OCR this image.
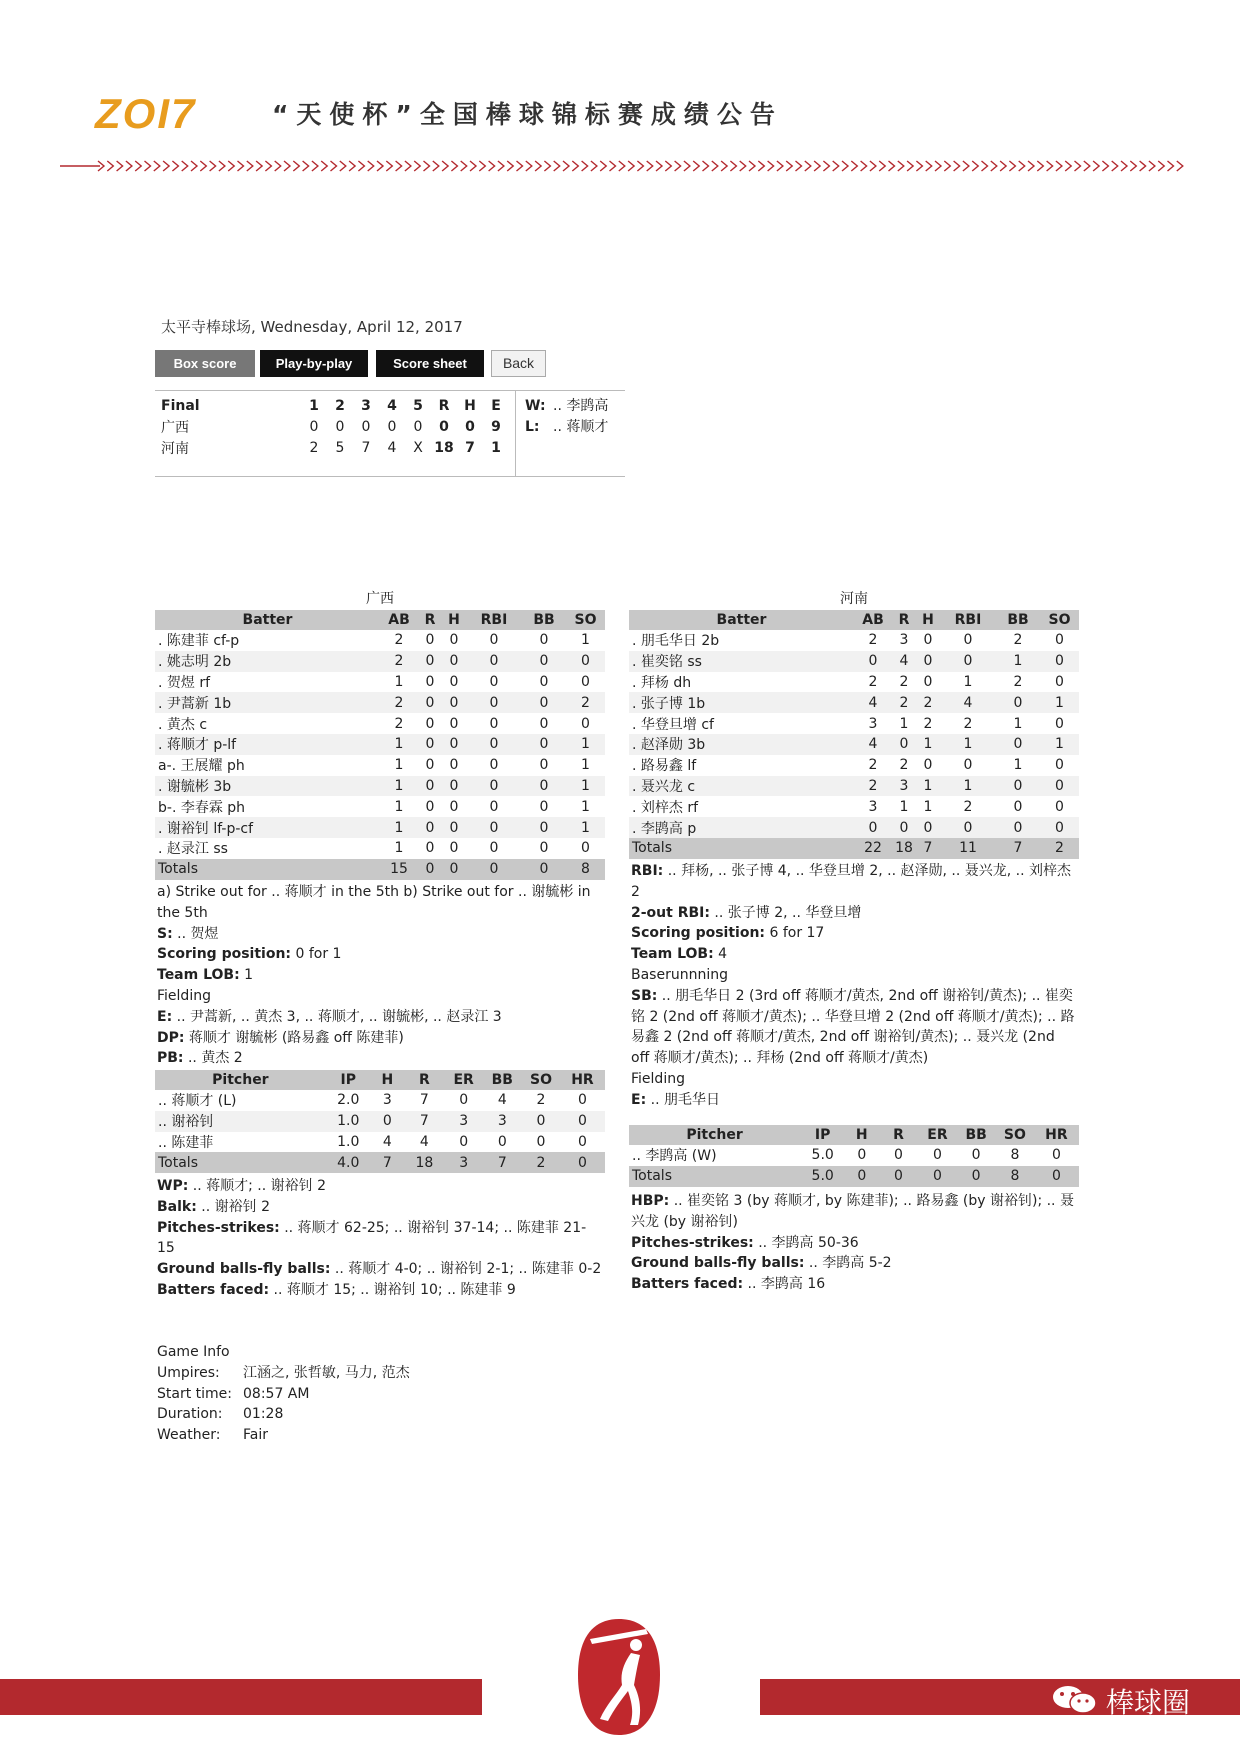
ZOI7	“天使杯”全国棒球锦标赛成绩公告
太平寺棒球场, Wednesday, April 12, 2017
Box score	Play-by-play	Score sheet	Back
Final	1	2	3	4	5	R	H	E
广西	0	0	0	0	0	0	0	9
河南	2	5	7	4	X	18	7	1
W: .. 李鹍高
L: .. 蒋顺才
广西
Batter	AB	R	H	RBI	BB	SO
. 陈建菲 cf-p	2	0	0	0	0	1
. 姚志明 2b	2	0	0	0	0	0
. 贺煜 rf	1	0	0	0	0	0
. 尹蒿新 1b	2	0	0	0	0	2
. 黄杰 c	2	0	0	0	0	0
. 蒋顺才 p-lf	1	0	0	0	0	1
a-. 王展耀 ph	1	0	0	0	0	1
. 谢毓彬 3b	1	0	0	0	0	1
b-. 李春霖 ph	1	0	0	0	0	1
. 谢裕钊 lf-p-cf	1	0	0	0	0	1
. 赵录江 ss	1	0	0	0	0	0
Totals	15	0	0	0	0	8

a) Strike out for .. 蒋顺才 in the 5th b) Strike out for .. 谢毓彬 in the 5th

S: .. 贺煜

Scoring position: 0 for 1

Team LOB: 1

Fielding

E: .. 尹蒿新, .. 黄杰 3, .. 蒋顺才, .. 谢毓彬, .. 赵录江 3

DP: 蒋顺才 谢毓彬 (路易鑫 off 陈建菲)

PB: .. 黄杰 2

Pitcher	IP	H	R	ER	BB	SO	HR
.. 蒋顺才 (L)	2.0	3	7	0	4	2	0
.. 谢裕钊	1.0	0	7	3	3	0	0
.. 陈建菲	1.0	4	4	0	0	0	0
Totals	4.0	7	18	3	7	2	0

WP: .. 蒋顺才; .. 谢裕钊 2

Balk: .. 谢裕钊 2

Pitches-strikes: .. 蒋顺才 62-25; .. 谢裕钊 37-14; .. 陈建菲 21-15

Ground balls-fly balls: .. 蒋顺才 4-0; .. 谢裕钊 2-1; .. 陈建菲 0-2

Batters faced: .. 蒋顺才 15; .. 谢裕钊 10; .. 陈建菲 9

河南
Batter	AB	R	H	RBI	BB	SO
. 朋毛华日 2b	2	3	0	0	2	0
. 崔奕铭 ss	0	4	0	0	1	0
. 拜杨 dh	2	2	0	1	2	0
. 张子博 1b	4	2	2	4	0	1
. 华登旦增 cf	3	1	2	2	1	0
. 赵泽勋 3b	4	0	1	1	0	1
. 路易鑫 lf	2	2	0	0	1	0
. 聂兴龙 c	2	3	1	1	0	0
. 刘梓杰 rf	3	1	1	2	0	0
. 李鹍高 p	0	0	0	0	0	0
Totals	22	18	7	11	7	2

RBI: .. 拜杨, .. 张子博 4, .. 华登旦增 2, .. 赵泽勋, .. 聂兴龙, .. 刘梓杰 2

2-out RBI: .. 张子博 2, .. 华登旦增

Scoring position: 6 for 17

Team LOB: 4

Baserunnning

SB: .. 朋毛华日 2 (3rd off 蒋顺才/黄杰, 2nd off 谢裕钊/黄杰); .. 崔奕铭 2 (2nd off 蒋顺才/黄杰); .. 华登旦增 2 (2nd off 蒋顺才/黄杰); .. 路易鑫 2 (2nd off 蒋顺才/黄杰, 2nd off 谢裕钊/黄杰); .. 聂兴龙 (2nd off 蒋顺才/黄杰); .. 拜杨 (2nd off 蒋顺才/黄杰)

Fielding

E: .. 朋毛华日

Pitcher	IP	H	R	ER	BB	SO	HR
.. 李鹍高 (W)	5.0	0	0	0	0	8	0
Totals	5.0	0	0	0	0	8	0

HBP: .. 崔奕铭 3 (by 蒋顺才, by 陈建菲); .. 路易鑫 (by 谢裕钊); .. 聂兴龙 (by 谢裕钊)

Pitches-strikes: .. 李鹍高 50-36

Ground balls-fly balls: .. 李鹍高 5-2

Batters faced: .. 李鹍高 16

Game Info

Umpires: 江涵之, 张哲敏, 马力, 范杰

Start time: 08:57 AM

Duration: 01:28

Weather: Fair

棒球圈
